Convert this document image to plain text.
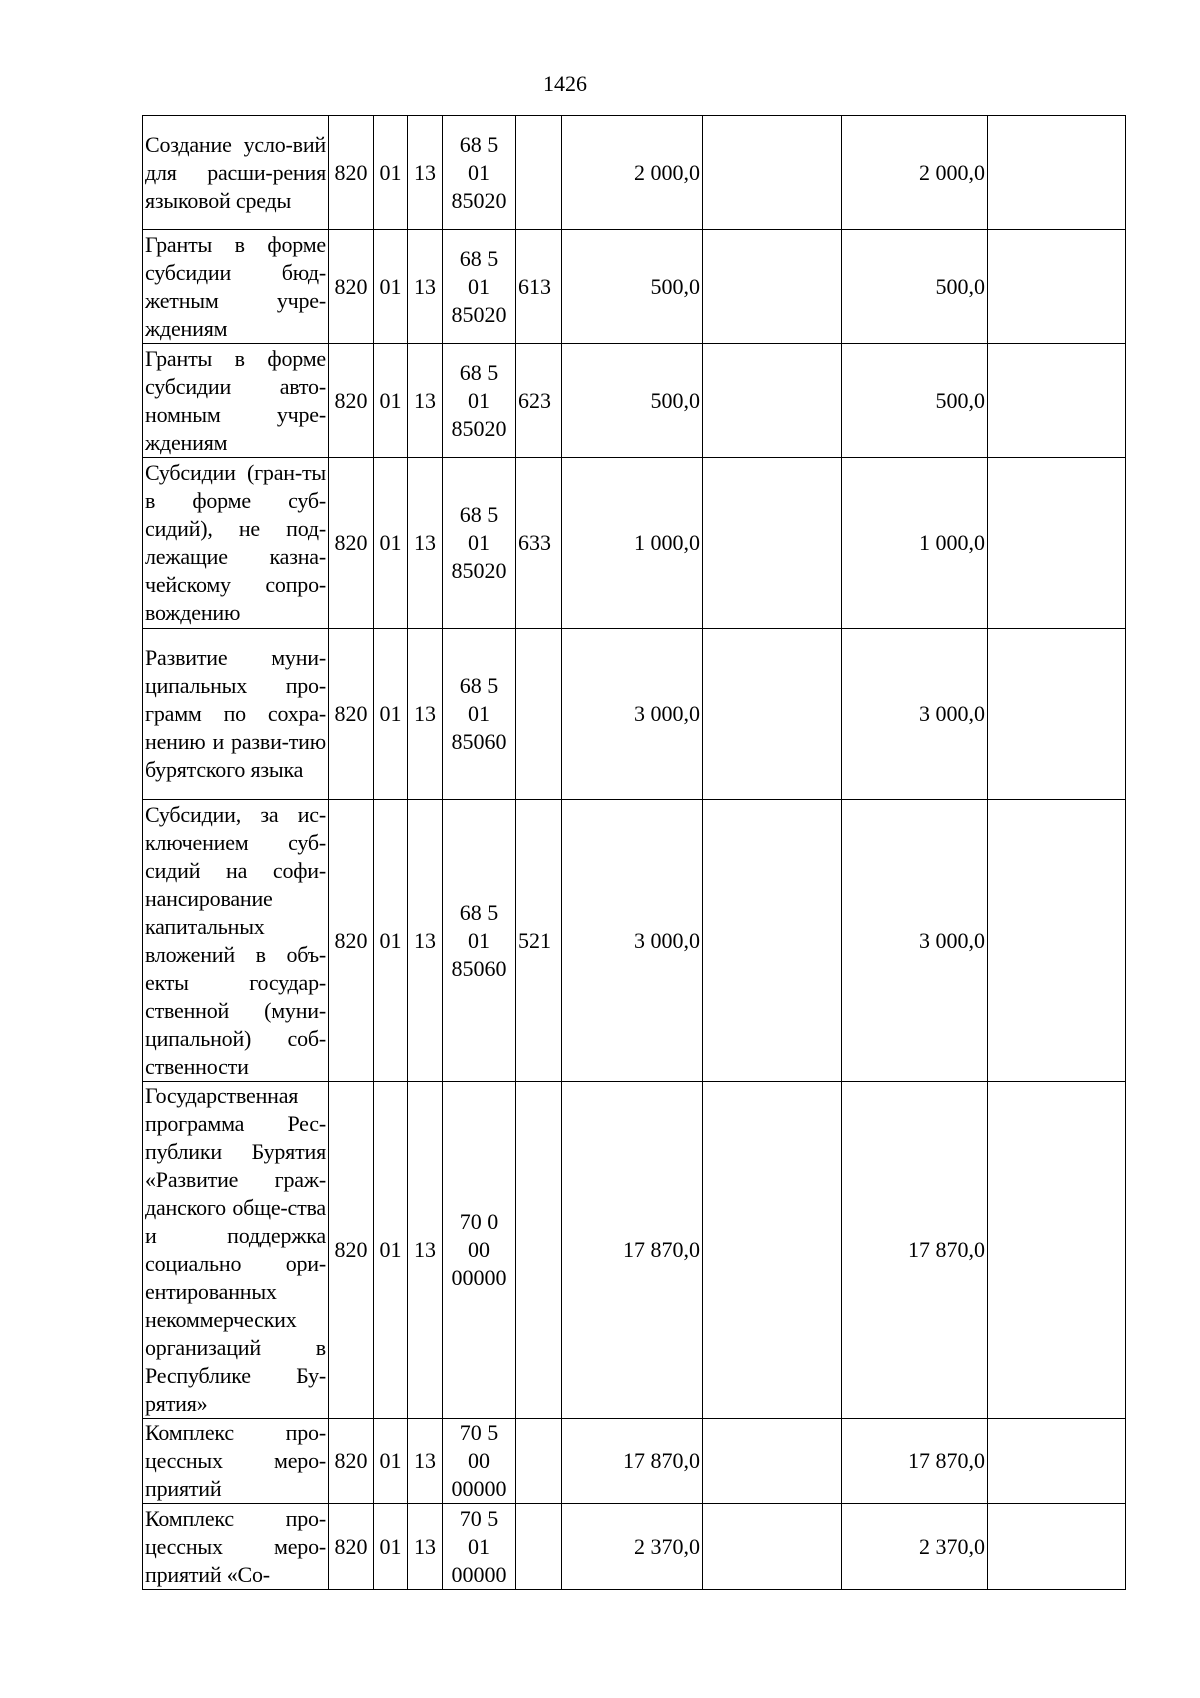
1426
Создание усло-вий для расши-рения языковой среды	820	01	13	68 5
01
85020		2 000,0		2 000,0	
Гранты в форме субсидии бюд-жетным учре-ждениям	820	01	13	68 5
01
85020	613	500,0		500,0	
Гранты в форме субсидии авто-номным учре-ждениям	820	01	13	68 5
01
85020	623	500,0		500,0	
Субсидии (гран-ты в форме суб-сидий), не под-лежащие казна-чейскому сопро-вождению	820	01	13	68 5
01
85020	633	1 000,0		1 000,0	
Развитие муни-ципальных про-грамм по сохра-нению и разви-тию бурятского языка	820	01	13	68 5
01
85060		3 000,0		3 000,0	
Субсидии, за ис-ключением суб-сидий на софи-нансирование капитальных вложений в объ-екты государ-ственной (муни-ципальной) соб-ственности	820	01	13	68 5
01
85060	521	3 000,0		3 000,0	
Государственная программа Рес-публики Бурятия «Развитие граж-данского обще-ства и поддержка социально ори-ентированных некоммерческих организаций в Республике Бу-рятия»	820	01	13	70 0
00
00000		17 870,0		17 870,0	
Комплекс про-цессных меро-приятий	820	01	13	70 5
00
00000		17 870,0		17 870,0	
Комплекс про-цессных меро-приятий «Со-	820	01	13	70 5
01
00000		2 370,0		2 370,0	
